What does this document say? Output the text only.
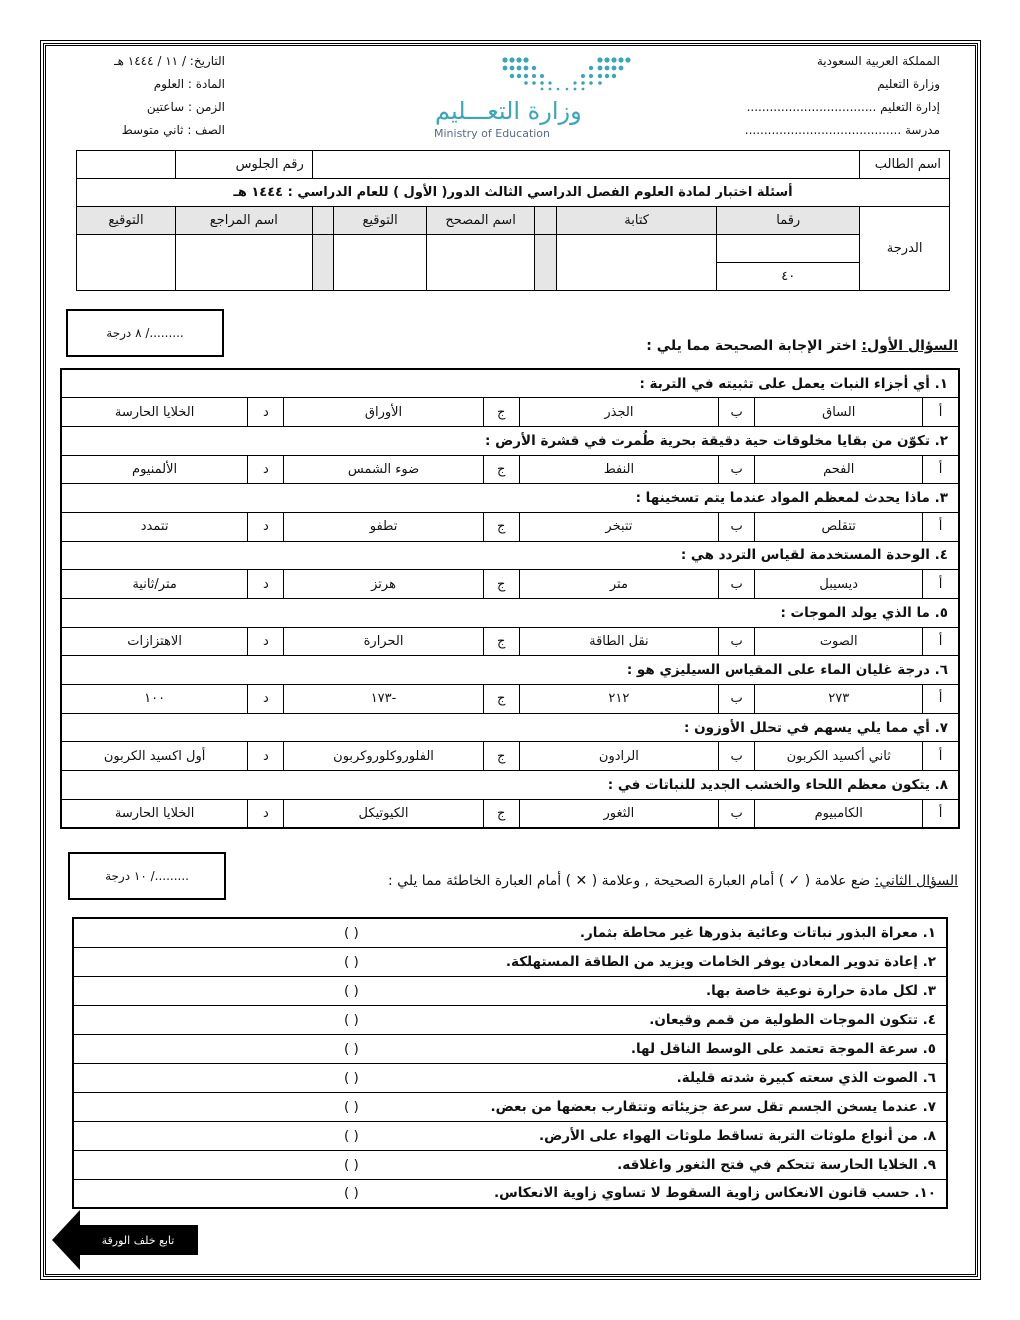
المملكة العربية السعودية
وزارة التعليم
إدارة التعليم ..................................
مدرسة .........................................
وزارة التعـــليم
Ministry of Education
التاريخ: / ١١ / ١٤٤٤ هـ
المادة : العلوم
الزمن : ساعتين
الصف : ثاني متوسط
اسم الطالب							رقم الجلوس	
أسئلة اختبار لمادة العلوم الفصل الدراسي الثالث الدور( الأول ) للعام الدراسي : ١٤٤٤ هـ								
الدرجة	رقما	كتابة		اسم المصحح	التوقيع		اسم المراجع	التوقيع

	٤٠							
........./ ٨ درجة
السؤال الأول: اختر الإجابة الصحيحة مما يلي :
١. أي أجزاء النبات يعمل على تثبيته في التربة :							
أ	الساق	ب	الجذر	ج	الأوراق	د	الخلايا الحارسة
٢. تكوّن من بقايا مخلوقات حية دقيقة بحرية طُمرت في قشرة الأرض :							
أ	الفحم	ب	النفط	ج	ضوء الشمس	د	الألمنيوم
٣. ماذا يحدث لمعظم المواد عندما يتم تسخينها :							
أ	تتقلص	ب	تتبخر	ج	تطفو	د	تتمدد
٤. الوحدة المستخدمة لقياس التردد هي :							
أ	ديسيبل	ب	متر	ج	هرتز	د	متر/ثانية
٥. ما الذي يولد الموجات :							
أ	الصوت	ب	نقل الطاقة	ج	الحرارة	د	الاهتزازات
٦. درجة غليان الماء على المقياس السيليزي هو :							
أ	٢٧٣	ب	٢١٢	ج	-١٧٣	د	١٠٠
٧. أي مما يلي يسهم في تحلل الأوزون :							
أ	ثاني أكسيد الكربون	ب	الرادون	ج	الفلوروكلوروكربون	د	أول اكسيد الكربون
٨. يتكون معظم اللحاء والخشب الجديد للنباتات في :							
أ	الكامبيوم	ب	الثغور	ج	الكيوتيكل	د	الخلايا الحارسة
........./ ١٠ درجة	السؤال الثاني: ضع علامة ( ✓ ) أمام العبارة الصحيحة , وعلامة ( ✕ ) أمام العبارة الخاطئة مما يلي :
١. معراة البذور نباتات وعائية بذورها غير محاطة بثمار.	( )
٢. إعادة تدوير المعادن يوفر الخامات ويزيد من الطاقة المستهلكة.	( )
٣. لكل مادة حرارة نوعية خاصة بها.	( )
٤. تتكون الموجات الطولية من قمم وقيعان.	( )
٥. سرعة الموجة تعتمد على الوسط الناقل لها.	( )
٦. الصوت الذي سعته كبيرة شدته قليلة.	( )
٧. عندما يسخن الجسم تقل سرعة جزيئاته وتتقارب بعضها من بعض.	( )
٨. من أنواع ملوثات التربة تساقط ملوثات الهواء على الأرض.	( )
٩. الخلايا الحارسة تتحكم في فتح الثغور واغلاقه.	( )
١٠. حسب قانون الانعكاس زاوية السقوط لا تساوي زاوية الانعكاس.	( )
تابع خلف الورقة
